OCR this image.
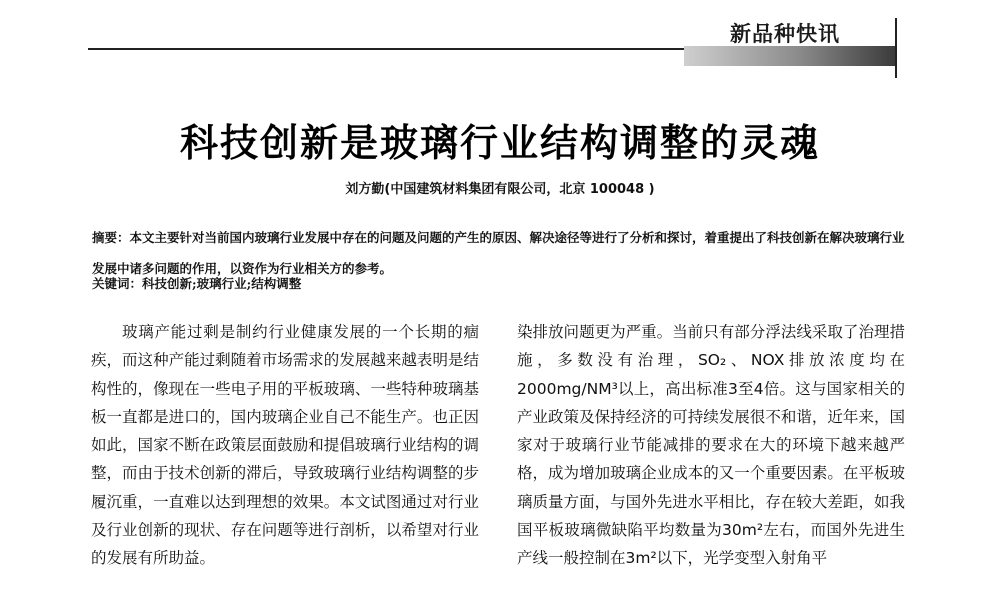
新品种快讯
科技创新是玻璃行业结构调整的灵魂
刘方勤(中国建筑材料集团有限公司，北京 100048 )
摘要：本文主要针对当前国内玻璃行业发展中存在的问题及问题的产生的原因、解决途径等进行了分析和探讨，着重提出了科技创新在解决玻璃行业发展中诸多问题的作用，以资作为行业相关方的参考。
关键词：科技创新;玻璃行业;结构调整

玻璃产能过剩是制约行业健康发展的一个长期的痼疾，而这种产能过剩随着市场需求的发展越来越表明是结构性的，像现在一些电子用的平板玻璃、一些特种玻璃基板一直都是进口的，国内玻璃企业自己不能生产。也正因如此，国家不断在政策层面鼓励和提倡玻璃行业结构的调整，而由于技术创新的滞后，导致玻璃行业结构调整的步履沉重，一直难以达到理想的效果。本文试图通过对行业及行业创新的现状、存在问题等进行剖析，以希望对行业的发展有所助益。

染排放问题更为严重。当前只有部分浮法线采取了治理措施，多数没有治理，SO₂、NOX排放浓度均在2000mg/NM³以上，高出标准3至4倍。这与国家相关的产业政策及保持经济的可持续发展很不和谐，近年来，国家对于玻璃行业节能减排的要求在大的环境下越来越严格，成为增加玻璃企业成本的又一个重要因素。在平板玻璃质量方面，与国外先进水平相比，存在较大差距，如我国平板玻璃微缺陷平均数量为30m²左右，而国外先进生产线一般控制在3m²以下，光学变型入射角平
